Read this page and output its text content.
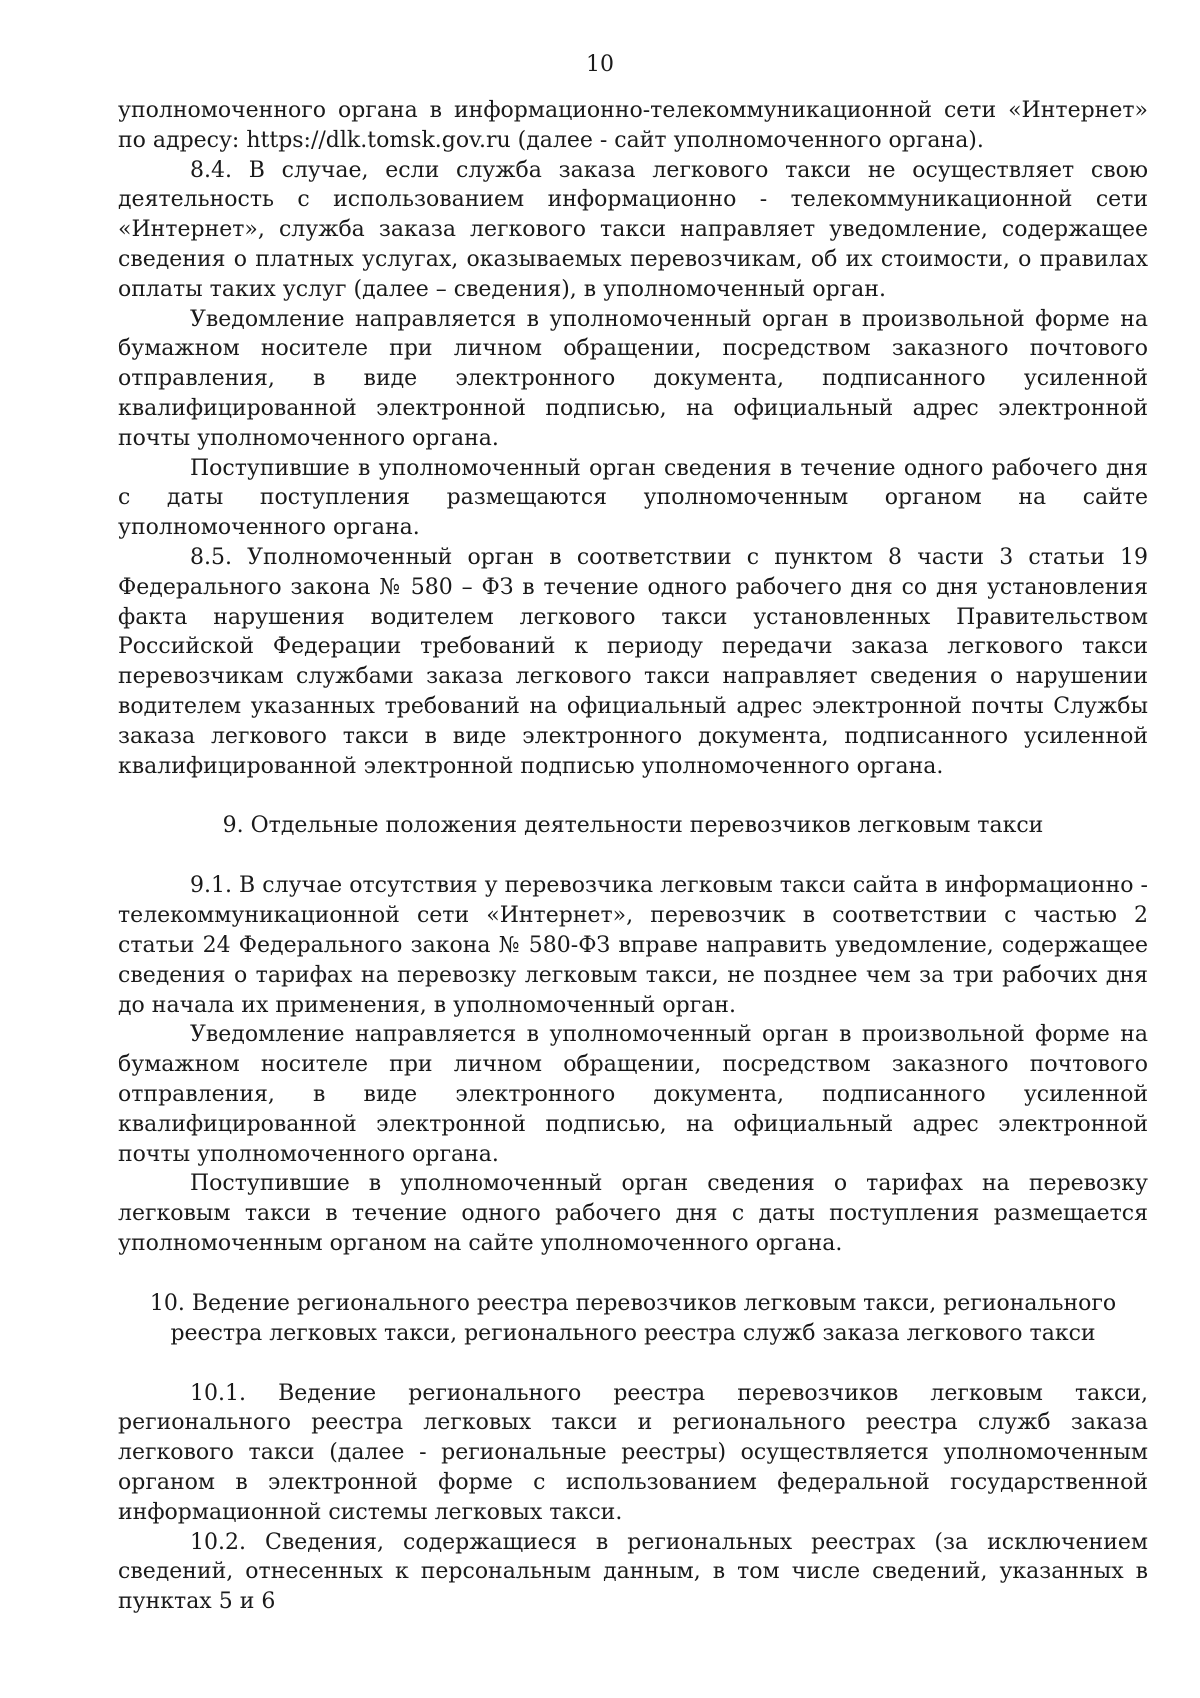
10

уполномоченного органа в информационно-телекоммуникационной сети «Интернет» по адресу: https://dlk.tomsk.gov.ru (далее - сайт уполномоченного органа).

8.4. В случае, если служба заказа легкового такси не осуществляет свою деятельность с использованием информационно - телекоммуникационной сети «Интернет», служба заказа легкового такси направляет уведомление, содержащее сведения о платных услугах, оказываемых перевозчикам, об их стоимости, о правилах оплаты таких услуг (далее – сведения), в уполномоченный орган.

Уведомление направляется в уполномоченный орган в произвольной форме на бумажном носителе при личном обращении, посредством заказного почтового отправления, в виде электронного документа, подписанного усиленной квалифицированной электронной подписью, на официальный адрес электронной почты уполномоченного органа.

Поступившие в уполномоченный орган сведения в течение одного рабочего дня с даты поступления размещаются уполномоченным органом на сайте уполномоченного органа.

8.5. Уполномоченный орган в соответствии с пунктом 8 части 3 статьи 19 Федерального закона № 580 – ФЗ в течение одного рабочего дня со дня установления факта нарушения водителем легкового такси установленных Правительством Российской Федерации требований к периоду передачи заказа легкового такси перевозчикам службами заказа легкового такси направляет сведения о нарушении водителем указанных требований на официальный адрес электронной почты Службы заказа легкового такси в виде электронного документа, подписанного усиленной квалифицированной электронной подписью уполномоченного органа.

9. Отдельные положения деятельности перевозчиков легковым такси

9.1. В случае отсутствия у перевозчика легковым такси сайта в информационно - телекоммуникационной сети «Интернет», перевозчик в соответствии с частью 2 статьи 24 Федерального закона № 580-ФЗ вправе направить уведомление, содержащее сведения о тарифах на перевозку легковым такси, не позднее чем за три рабочих дня до начала их применения, в уполномоченный орган.

Уведомление направляется в уполномоченный орган в произвольной форме на бумажном носителе при личном обращении, посредством заказного почтового отправления, в виде электронного документа, подписанного усиленной квалифицированной электронной подписью, на официальный адрес электронной почты уполномоченного органа.

Поступившие в уполномоченный орган сведения о тарифах на перевозку легковым такси в течение одного рабочего дня с даты поступления размещается уполномоченным органом на сайте уполномоченного органа.

10. Ведение регионального реестра перевозчиков легковым такси, регионального реестра легковых такси, регионального реестра служб заказа легкового такси

10.1. Ведение регионального реестра перевозчиков легковым такси, регионального реестра легковых такси и регионального реестра служб заказа легкового такси (далее - региональные реестры) осуществляется уполномоченным органом в электронной форме с использованием федеральной государственной информационной системы легковых такси.

10.2. Сведения, содержащиеся в региональных реестрах (за исключением сведений, отнесенных к персональным данным, в том числе сведений, указанных в пунктах 5 и 6
